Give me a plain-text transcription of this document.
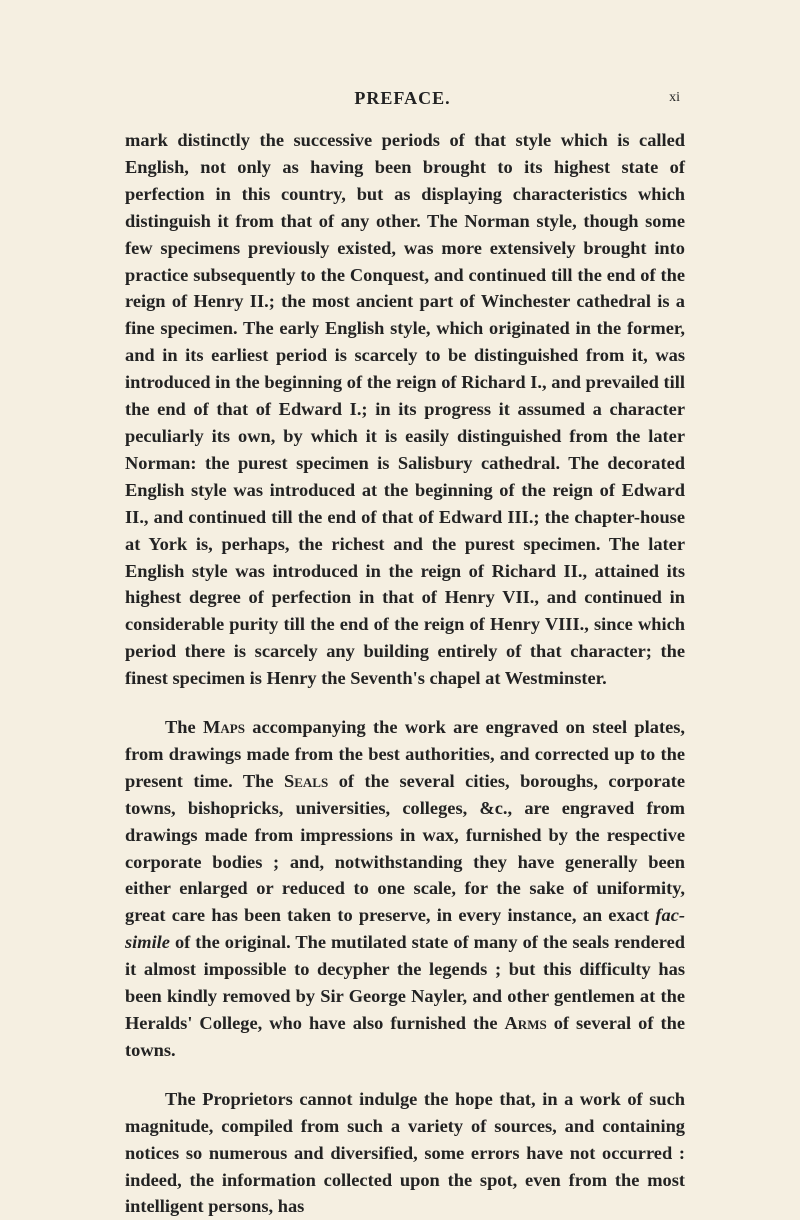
PREFACE.	xi

mark distinctly the successive periods of that style which is called English, not only as having been brought to its highest state of perfection in this country, but as displaying characteristics which distinguish it from that of any other. The Norman style, though some few specimens previously existed, was more extensively brought into practice subsequently to the Conquest, and continued till the end of the reign of Henry II.; the most ancient part of Winchester cathedral is a fine specimen. The early English style, which originated in the former, and in its earliest period is scarcely to be distinguished from it, was introduced in the beginning of the reign of Richard I., and prevailed till the end of that of Edward I.; in its progress it assumed a character peculiarly its own, by which it is easily distinguished from the later Norman: the purest specimen is Salisbury cathedral. The decorated English style was introduced at the beginning of the reign of Edward II., and continued till the end of that of Edward III.; the chapter-house at York is, perhaps, the richest and the purest specimen. The later English style was introduced in the reign of Richard II., attained its highest degree of perfection in that of Henry VII., and continued in considerable purity till the end of the reign of Henry VIII., since which period there is scarcely any building entirely of that character; the finest specimen is Henry the Seventh's chapel at Westminster.

The Maps accompanying the work are engraved on steel plates, from drawings made from the best authorities, and corrected up to the present time. The Seals of the several cities, boroughs, corporate towns, bishopricks, universities, colleges, &c., are engraved from drawings made from impressions in wax, furnished by the respective corporate bodies ; and, notwithstanding they have generally been either enlarged or reduced to one scale, for the sake of uniformity, great care has been taken to preserve, in every instance, an exact fac-simile of the original. The mutilated state of many of the seals rendered it almost impossible to decypher the legends ; but this difficulty has been kindly removed by Sir George Nayler, and other gentlemen at the Heralds' College, who have also furnished the Arms of several of the towns.

The Proprietors cannot indulge the hope that, in a work of such magnitude, compiled from such a variety of sources, and containing notices so numerous and diversified, some errors have not occurred : indeed, the information collected upon the spot, even from the most intelligent persons, has
